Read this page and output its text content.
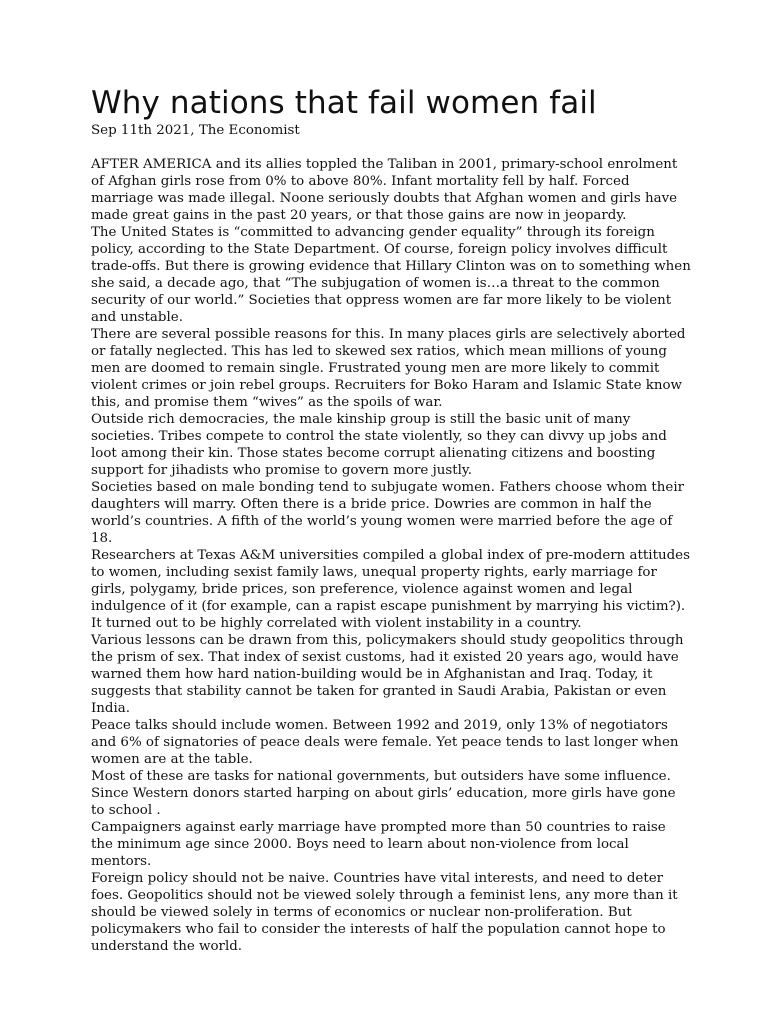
Why nations that fail women fail
Sep 11th 2021, The Economist

AFTER AMERICA and its allies toppled the Taliban in 2001, primary-school enrolment of Afghan girls rose from 0% to above 80%. Infant mortality fell by half. Forced marriage was made illegal. Noone seriously doubts that Afghan women and girls have made great gains in the past 20 years, or that those gains are now in jeopardy.

The United States is “committed to advancing gender equality” through its foreign policy, according to the State Department. Of course, foreign policy involves difficult trade-offs. But there is growing evidence that Hillary Clinton was on to something when she said, a decade ago, that “The subjugation of women is…a threat to the common security of our world.” Societies that oppress women are far more likely to be violent and unstable.

There are several possible reasons for this. In many places girls are selectively aborted or fatally neglected. This has led to skewed sex ratios, which mean millions of young men are doomed to remain single. Frustrated young men are more likely to commit violent crimes or join rebel groups. Recruiters for Boko Haram and Islamic State know this, and promise them “wives” as the spoils of war.

Outside rich democracies, the male kinship group is still the basic unit of many societies. Tribes compete to control the state violently, so they can divvy up jobs and loot among their kin. Those states become corrupt alienating citizens and boosting support for jihadists who promise to govern more justly.

Societies based on male bonding tend to subjugate women. Fathers choose whom their daughters will marry. Often there is a bride price. Dowries are common in half the world’s countries. A fifth of the world’s young women were married before the age of 18.

Researchers at Texas A&M universities compiled a global index of pre-modern attitudes to women, including sexist family laws, unequal property rights, early marriage for girls, polygamy, bride prices, son preference, violence against women and legal indulgence of it (for example, can a rapist escape punishment by marrying his victim?). It turned out to be highly correlated with violent instability in a country.

Various lessons can be drawn from this, policymakers should study geopolitics through the prism of sex. That index of sexist customs, had it existed 20 years ago, would have warned them how hard nation-building would be in Afghanistan and Iraq. Today, it suggests that stability cannot be taken for granted in Saudi Arabia, Pakistan or even India.

Peace talks should include women. Between 1992 and 2019, only 13% of negotiators and 6% of signatories of peace deals were female. Yet peace tends to last longer when women are at the table.

Most of these are tasks for national governments, but outsiders have some influence. Since Western donors started harping on about girls’ education, more girls have gone to school .

Campaigners against early marriage have prompted more than 50 countries to raise the minimum age since 2000. Boys need to learn about non-violence from local mentors.

Foreign policy should not be naive. Countries have vital interests, and need to deter foes. Geopolitics should not be viewed solely through a feminist lens, any more than it should be viewed solely in terms of economics or nuclear non-proliferation. But policymakers who fail to consider the interests of half the population cannot hope to understand the world.
